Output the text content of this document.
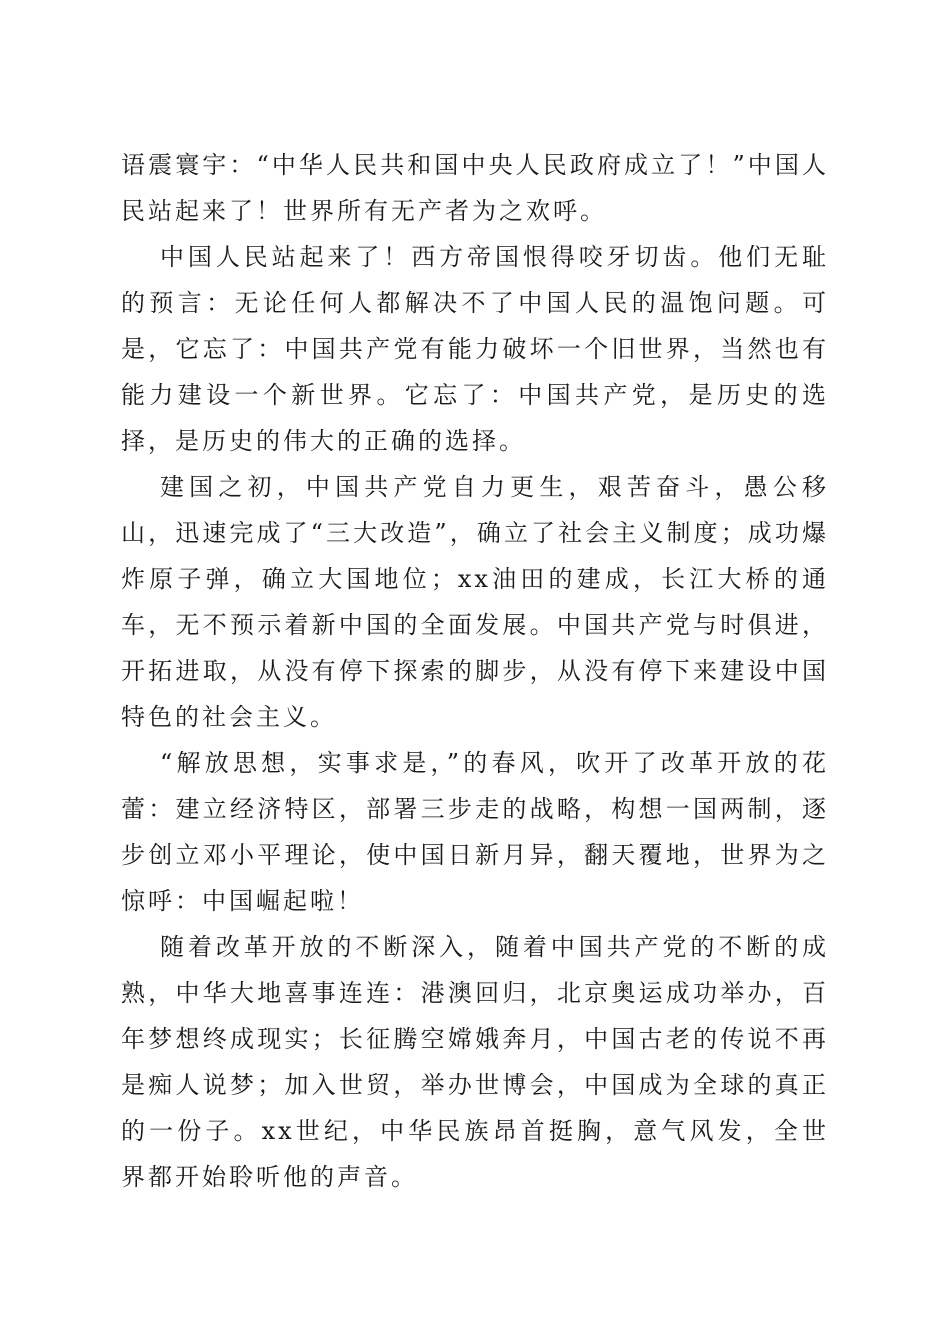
语震寰宇：“中华人民共和国中央人民政府成立了！”中国人民站起来了！世界所有无产者为之欢呼。

中国人民站起来了！西方帝国恨得咬牙切齿。他们无耻的预言：无论任何人都解决不了中国人民的温饱问题。可是，它忘了：中国共产党有能力破坏一个旧世界，当然也有能力建设一个新世界。它忘了：中国共产党，是历史的选择，是历史的伟大的正确的选择。

建国之初，中国共产党自力更生，艰苦奋斗，愚公移山，迅速完成了“三大改造”，确立了社会主义制度；成功爆炸原子弹，确立大国地位；xx油田的建成，长江大桥的通车，无不预示着新中国的全面发展。中国共产党与时俱进，开拓进取，从没有停下探索的脚步，从没有停下来建设中国特色的社会主义。

“解放思想，实事求是，”的春风，吹开了改革开放的花蕾：建立经济特区，部署三步走的战略，构想一国两制，逐步创立邓小平理论，使中国日新月异，翻天覆地，世界为之惊呼：中国崛起啦！

随着改革开放的不断深入，随着中国共产党的不断的成熟，中华大地喜事连连：港澳回归，北京奥运成功举办，百年梦想终成现实；长征腾空嫦娥奔月，中国古老的传说不再是痴人说梦；加入世贸，举办世博会，中国成为全球的真正的一份子。xx世纪，中华民族昂首挺胸，意气风发，全世界都开始聆听他的声音。
